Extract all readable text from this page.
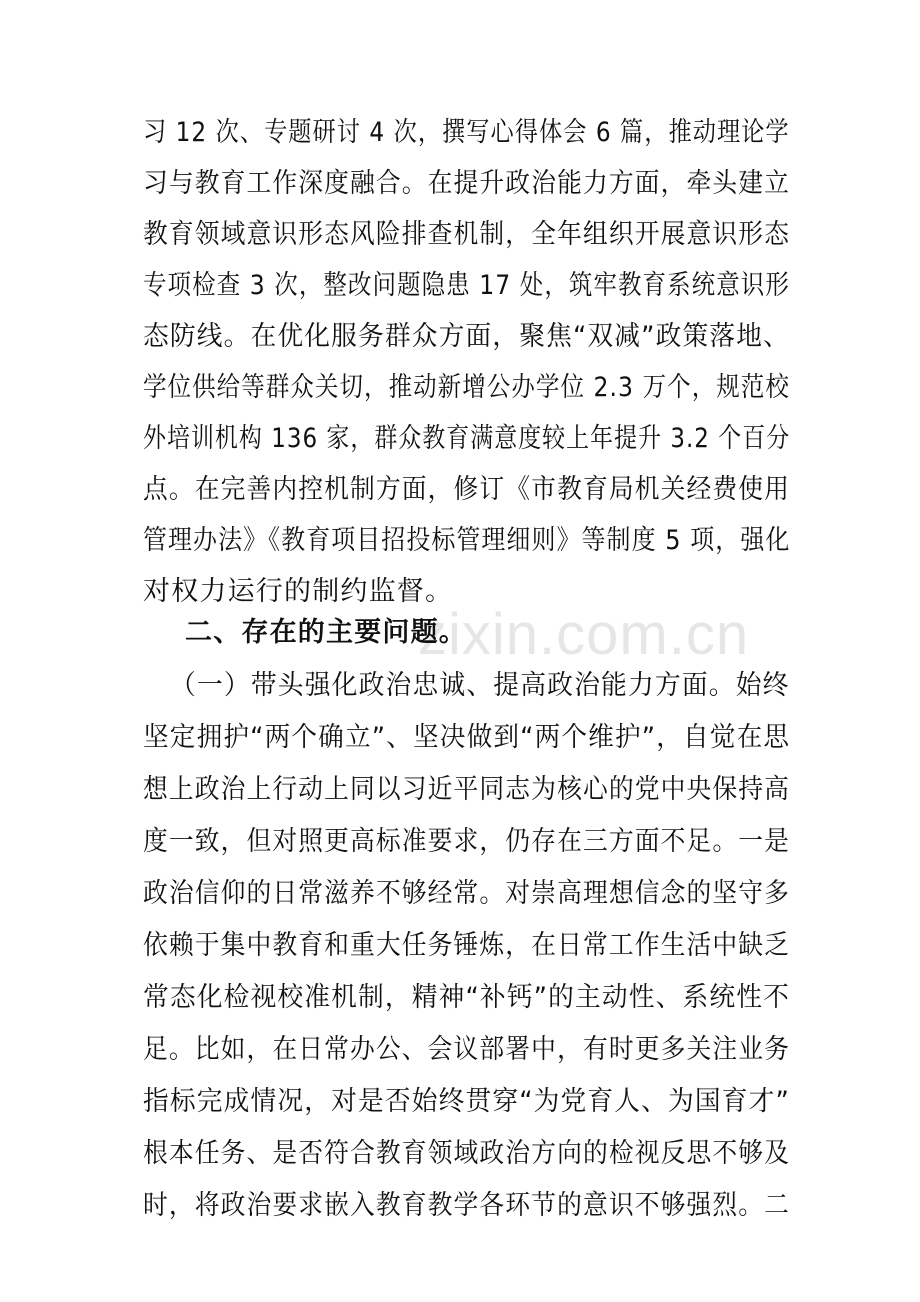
zixin.com.cn
习 12 次、专题研讨 4 次，撰写心得体会 6 篇，推动理论学
习与教育工作深度融合。在提升政治能力方面，牵头建立
教育领域意识形态风险排查机制，全年组织开展意识形态
专项检查 3 次，整改问题隐患 17 处，筑牢教育系统意识形
态防线。在优化服务群众方面，聚焦“双减”政策落地、
学位供给等群众关切，推动新增公办学位 2.3 万个，规范校
外培训机构 136 家，群众教育满意度较上年提升 3.2 个百分
点。在完善内控机制方面，修订《市教育局机关经费使用
管理办法》《教育项目招投标管理细则》等制度 5 项，强化
对权力运行的制约监督。
二、存在的主要问题。
（一）带头强化政治忠诚、提高政治能力方面。始终
坚定拥护“两个确立”、坚决做到“两个维护”，自觉在思
想上政治上行动上同以习近平同志为核心的党中央保持高
度一致，但对照更高标准要求，仍存在三方面不足。一是
政治信仰的日常滋养不够经常。对崇高理想信念的坚守多
依赖于集中教育和重大任务锤炼，在日常工作生活中缺乏
常态化检视校准机制，精神“补钙”的主动性、系统性不
足。比如，在日常办公、会议部署中，有时更多关注业务
指标完成情况，对是否始终贯穿“为党育人、为国育才”
根本任务、是否符合教育领域政治方向的检视反思不够及
时，将政治要求嵌入教育教学各环节的意识不够强烈。二
